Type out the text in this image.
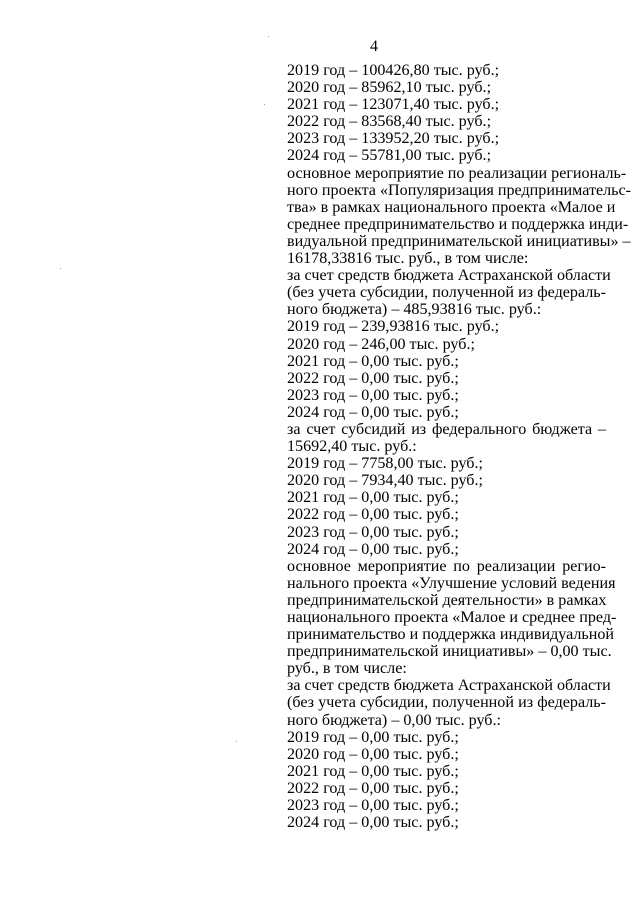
4
2019 год – 100426,80 тыс. руб.;
2020 год – 85962,10 тыс. руб.;
2021 год – 123071,40 тыс. руб.;
2022 год – 83568,40 тыс. руб.;
2023 год – 133952,20 тыс. руб.;
2024 год – 55781,00 тыс. руб.;
основное мероприятие по реализации региональ-
ного проекта «Популяризация предпринимательс-
тва» в рамках национального проекта «Малое и
среднее предпринимательство и поддержка инди-
видуальной предпринимательской инициативы» –
16178,33816 тыс. руб., в том числе:
за счет средств бюджета Астраханской области
(без учета субсидии, полученной из федераль-
ного бюджета) – 485,93816 тыс. руб.:
2019 год – 239,93816 тыс. руб.;
2020 год – 246,00 тыс. руб.;
2021 год – 0,00 тыс. руб.;
2022 год – 0,00 тыс. руб.;
2023 год – 0,00 тыс. руб.;
2024 год – 0,00 тыс. руб.;
за счет субсидий из федерального бюджета –
15692,40 тыс. руб.:
2019 год – 7758,00 тыс. руб.;
2020 год – 7934,40 тыс. руб.;
2021 год – 0,00 тыс. руб.;
2022 год – 0,00 тыс. руб.;
2023 год – 0,00 тыс. руб.;
2024 год – 0,00 тыс. руб.;
основное мероприятие по реализации регио-
нального проекта «Улучшение условий ведения
предпринимательской деятельности» в рамках
национального проекта «Малое и среднее пред-
принимательство и поддержка индивидуальной
предпринимательской инициативы» – 0,00 тыс.
руб., в том числе:
за счет средств бюджета Астраханской области
(без учета субсидии, полученной из федераль-
ного бюджета) – 0,00 тыс. руб.:
2019 год – 0,00 тыс. руб.;
2020 год – 0,00 тыс. руб.;
2021 год – 0,00 тыс. руб.;
2022 год – 0,00 тыс. руб.;
2023 год – 0,00 тыс. руб.;
2024 год – 0,00 тыс. руб.;
